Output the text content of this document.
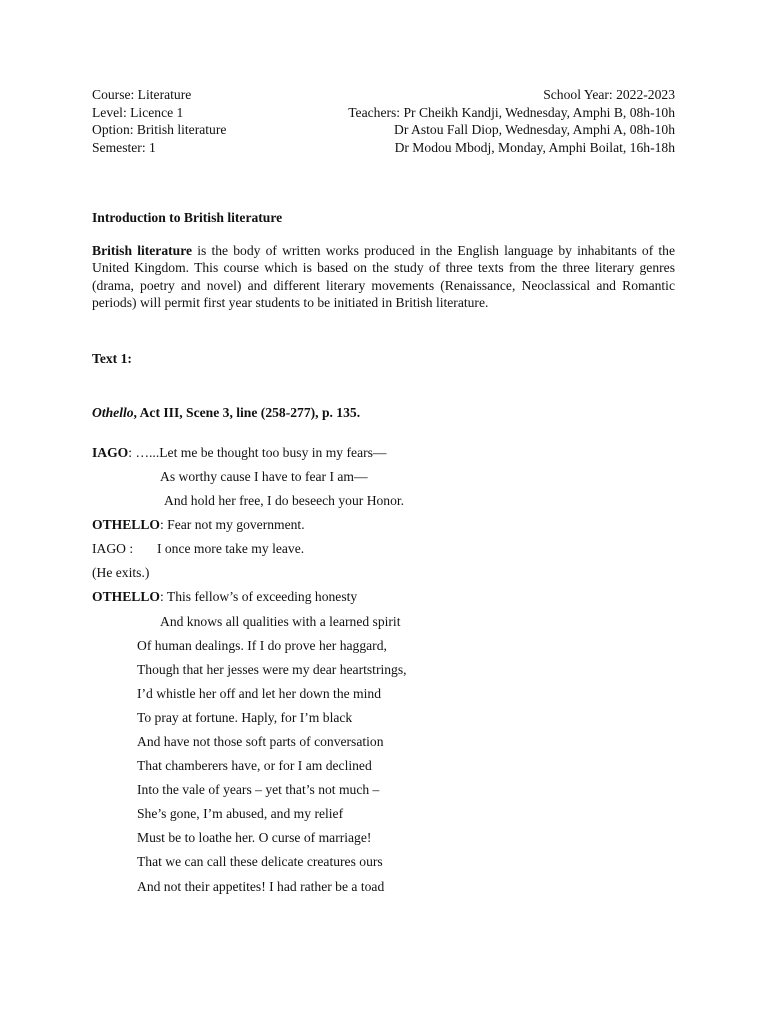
Course: Literature	School Year: 2022-2023
Level: Licence 1	Teachers: Pr Cheikh Kandji, Wednesday, Amphi B, 08h-10h
Option: British literature	Dr Astou Fall Diop, Wednesday, Amphi A, 08h-10h
Semester: 1	Dr Modou Mbodj, Monday, Amphi Boilat, 16h-18h
Introduction to British literature

British literature is the body of written works produced in the English language by inhabitants of the United Kingdom. This course which is based on the study of three texts from the three literary genres (drama, poetry and novel) and different literary movements (Renaissance, Neoclassical and Romantic periods) will permit first year students to be initiated in British literature.

Text 1:
Othello, Act III, Scene 3, line (258-277), p. 135.
IAGO: …...Let me be thought too busy in my fears—
As worthy cause I have to fear I am—
And hold her free, I do beseech your Honor.
OTHELLO: Fear not my government.
IAGO :       I once more take my leave.
(He exits.)
OTHELLO: This fellow’s of exceeding honesty
And knows all qualities with a learned spirit
Of human dealings. If I do prove her haggard,
Though that her jesses were my dear heartstrings,
I’d whistle her off and let her down the mind
To pray at fortune. Haply, for I’m black
And have not those soft parts of conversation
That chamberers have, or for I am declined
Into the vale of years – yet that’s not much –
She’s gone, I’m abused, and my relief
Must be to loathe her. O curse of marriage!
That we can call these delicate creatures ours
And not their appetites! I had rather be a toad
